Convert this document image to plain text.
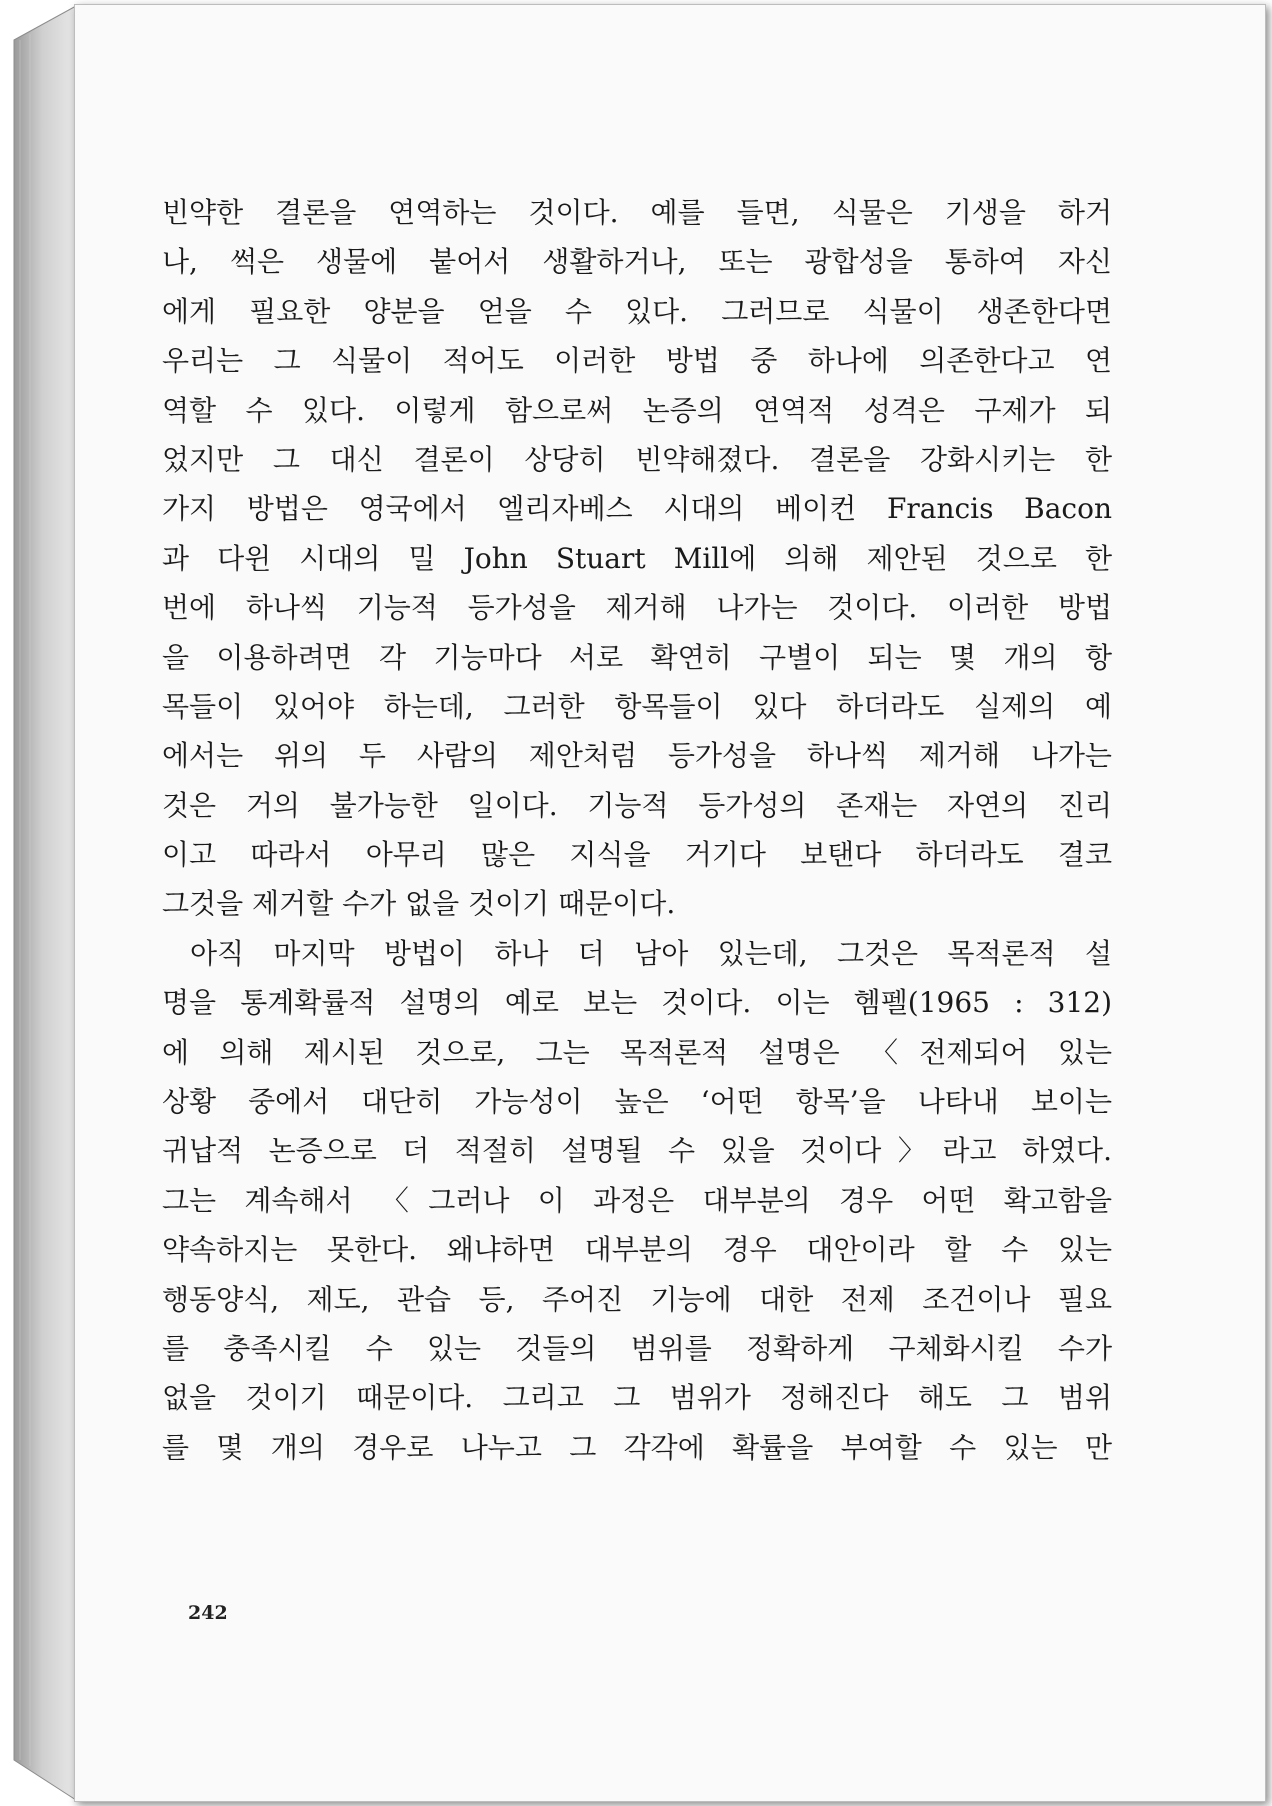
빈약한 결론을 연역하는 것이다. 예를 들면, 식물은 기생을 하거
나, 썩은 생물에 붙어서 생활하거나, 또는 광합성을 통하여 자신
에게 필요한 양분을 얻을 수 있다. 그러므로 식물이 생존한다면
우리는 그 식물이 적어도 이러한 방법 중 하나에 의존한다고 연
역할 수 있다. 이렇게 함으로써 논증의 연역적 성격은 구제가 되
었지만 그 대신 결론이 상당히 빈약해졌다. 결론을 강화시키는 한
가지 방법은 영국에서 엘리자베스 시대의 베이컨 Francis Bacon
과 다윈 시대의 밀 John Stuart Mill에 의해 제안된 것으로 한
번에 하나씩 기능적 등가성을 제거해 나가는 것이다. 이러한 방법
을 이용하려면 각 기능마다 서로 확연히 구별이 되는 몇 개의 항
목들이 있어야 하는데, 그러한 항목들이 있다 하더라도 실제의 예
에서는 위의 두 사람의 제안처럼 등가성을 하나씩 제거해 나가는
것은 거의 불가능한 일이다. 기능적 등가성의 존재는 자연의 진리
이고 따라서 아무리 많은 지식을 거기다 보탠다 하더라도 결코
그것을 제거할 수가 없을 것이기 때문이다.
아직 마지막 방법이 하나 더 남아 있는데, 그것은 목적론적 설
명을 통계확률적 설명의 예로 보는 것이다. 이는 헴펠(1965 : 312)
에 의해 제시된 것으로, 그는 목적론적 설명은 〈전제되어 있는
상황 중에서 대단히 가능성이 높은 ‘어떤 항목’을 나타내 보이는
귀납적 논증으로 더 적절히 설명될 수 있을 것이다〉라고 하였다.
그는 계속해서 〈그러나 이 과정은 대부분의 경우 어떤 확고함을
약속하지는 못한다. 왜냐하면 대부분의 경우 대안이라 할 수 있는
행동양식, 제도, 관습 등, 주어진 기능에 대한 전제 조건이나 필요
를 충족시킬 수 있는 것들의 범위를 정확하게 구체화시킬 수가
없을 것이기 때문이다. 그리고 그 범위가 정해진다 해도 그 범위
를 몇 개의 경우로 나누고 그 각각에 확률을 부여할 수 있는 만
242
